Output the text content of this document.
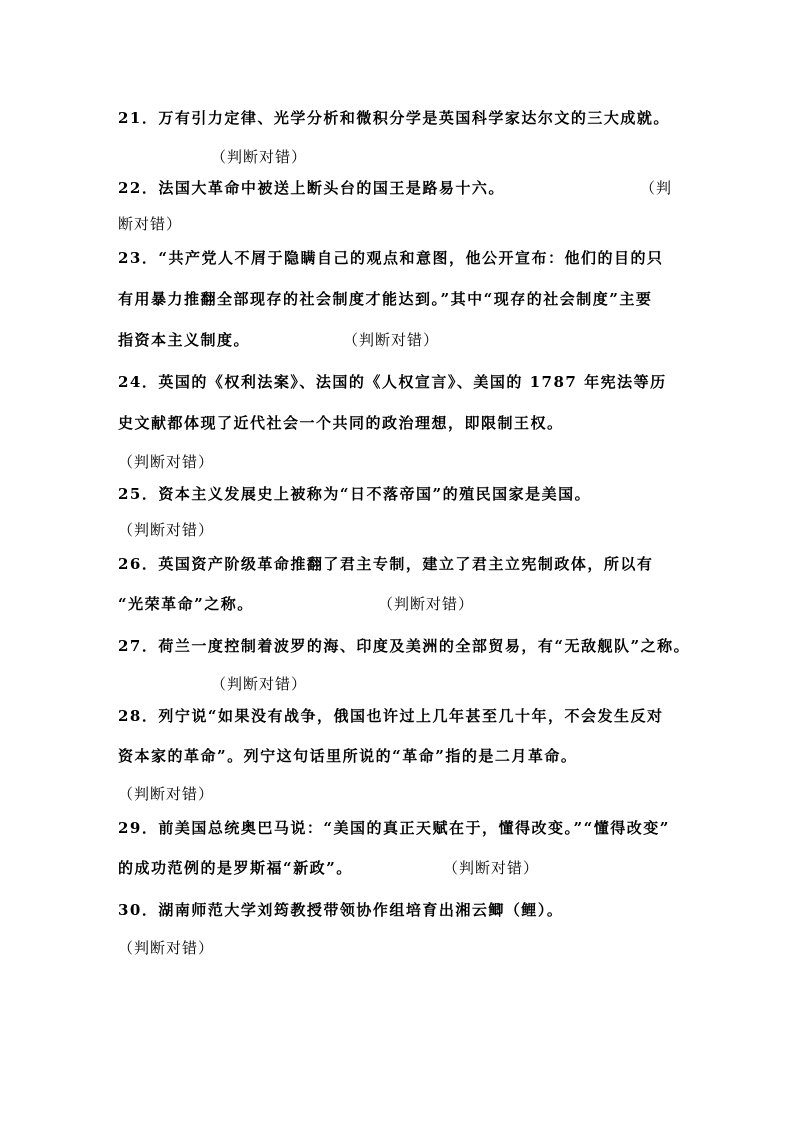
21．万有引力定律、光学分析和微积分学是英国科学家达尔文的三大成就。

（判断对错）

22．法国大革命中被送上断头台的国王是路易十六。	（判

断对错）

23．“共产党人不屑于隐瞒自己的观点和意图，他公开宣布：他们的目的只

有用暴力推翻全部现存的社会制度才能达到。”其中“现存的社会制度”主要

指资本主义制度。	（判断对错）

24．英国的《权利法案》、法国的《人权宣言》、美国的 1787 年宪法等历

史文献都体现了近代社会一个共同的政治理想，即限制王权。

（判断对错）

25．资本主义发展史上被称为“日不落帝国”的殖民国家是美国。

（判断对错）

26．英国资产阶级革命推翻了君主专制，建立了君主立宪制政体，所以有

“光荣革命”之称。	（判断对错）

27．荷兰一度控制着波罗的海、印度及美洲的全部贸易，有“无敌舰队”之称。

（判断对错）

28．列宁说“如果没有战争，俄国也许过上几年甚至几十年，不会发生反对

资本家的革命”。列宁这句话里所说的“革命”指的是二月革命。

（判断对错）

29．前美国总统奥巴马说：“美国的真正天赋在于，懂得改变。”“懂得改变”

的成功范例的是罗斯福“新政”。	（判断对错）

30．湖南师范大学刘筠教授带领协作组培育出湘云鲫（鲤）。

（判断对错）
